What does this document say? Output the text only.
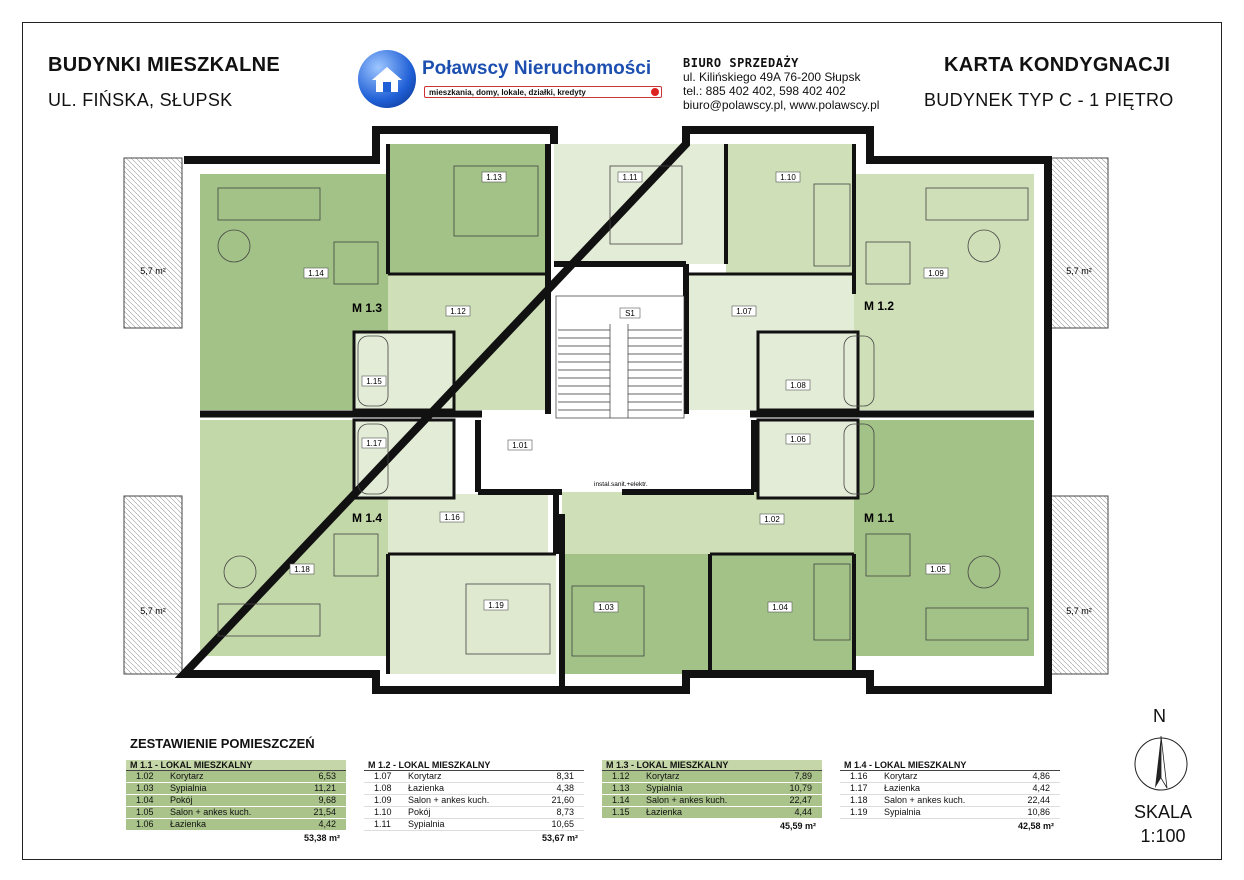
BUDYNKI MIESZKALNE
UL. FIŃSKA, SŁUPSK
KARTA KONDYGNACJI
BUDYNEK TYP C - 1 PIĘTRO
Poławscy Nieruchomości
mieszkania, domy, lokale, działki, kredyty
BIURO SPRZEDAŻY
ul. Kilińskiego 49A 76-200 Słupsk
tel.: 885 402 402, 598 402 402
biuro@polawscy.pl, www.polawscy.pl
1.01
1.02
1.03	1.04
1.05
1.06
1.07
1.08
1.09
1.10
1.11
1.12
1.13
1.14
1.15
1.16
1.17
1.18
1.19
S1
M 1.3	M 1.2
M 1.4	M 1.1
5,7 m²	5,7 m²
5,7 m²	5,7 m²
instal.sanit.+elektr.
ZESTAWIENIE POMIESZCZEŃ
M 1.1 - LOKAL MIESZKALNY
1.02	Korytarz	6,53
1.03	Sypialnia	11,21
1.04	Pokój	9,68
1.05	Salon + ankes kuch.	21,54
1.06	Łazienka	4,42
53,38 m²
M 1.2 - LOKAL MIESZKALNY
1.07	Korytarz	8,31
1.08	Łazienka	4,38
1.09	Salon + ankes kuch.	21,60
1.10	Pokój	8,73
1.11	Sypialnia	10,65
53,67 m²
M 1.3 - LOKAL MIESZKALNY
1.12	Korytarz	7,89
1.13	Sypialnia	10,79
1.14	Salon + ankes kuch.	22,47
1.15	Łazienka	4,44
45,59 m²
M 1.4 - LOKAL MIESZKALNY
1.16	Korytarz	4,86
1.17	Łazienka	4,42
1.18	Salon + ankes kuch.	22,44
1.19	Sypialnia	10,86
42,58 m²
N
SKALA
1:100
